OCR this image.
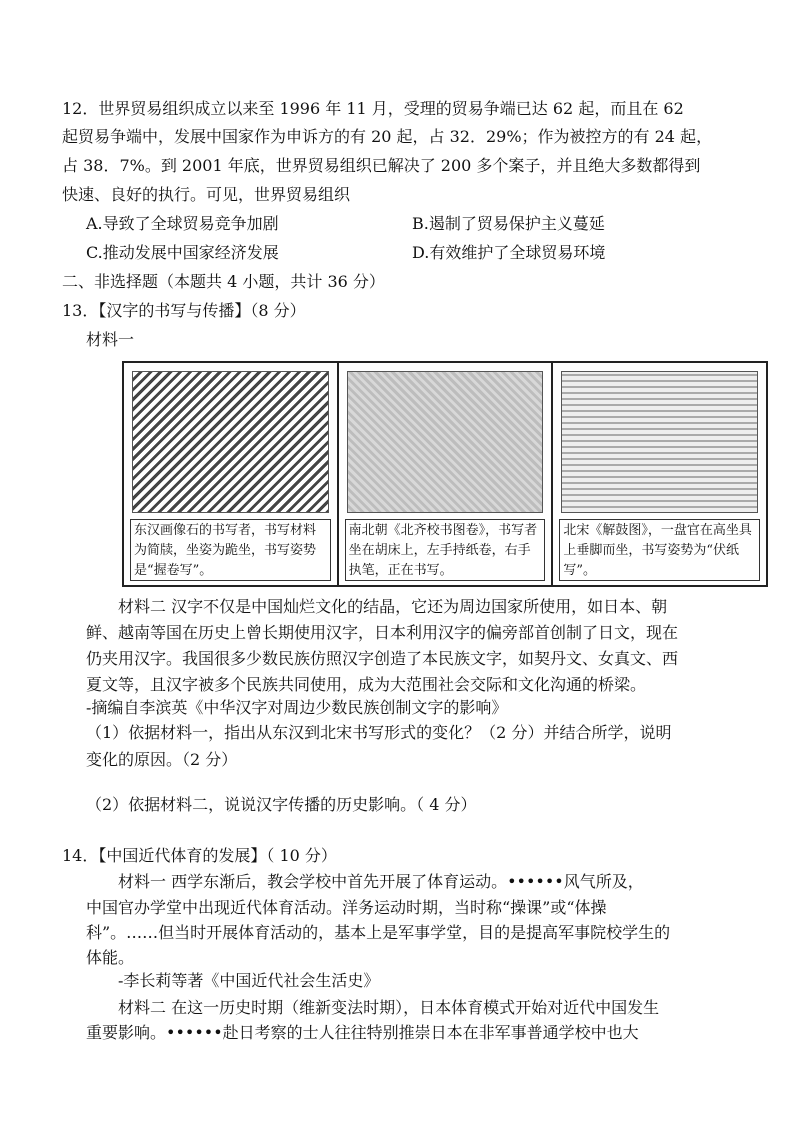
12．世界贸易组织成立以来至 1996 年 11 月，受理的贸易争端已达 62 起，而且在 62
起贸易争端中，发展中国家作为申诉方的有 20 起，占 32．29%；作为被控方的有 24 起，
占 38．7%。到 2001 年底，世界贸易组织已解决了 200 多个案子，并且绝大多数都得到
快速、良好的执行。可见，世界贸易组织
A.导致了全球贸易竞争加剧	B.遏制了贸易保护主义蔓延
C.推动发展中国家经济发展	D.有效维护了全球贸易环境
二、非选择题（本题共 4 小题，共计 36 分）
13．【汉字的书写与传播】（8 分）
材料一
东汉画像石的书写者，书写材料为简牍，坐姿为跪坐，书写姿势是“握卷写”。
南北朝《北齐校书图卷》，书写者坐在胡床上，左手持纸卷，右手执笔，正在书写。
北宋《解鼓图》，一盘官在高坐具上垂脚而坐，书写姿势为“伏纸写”。
材料二 汉字不仅是中国灿烂文化的结晶，它还为周边国家所使用，如日本、朝
鲜、越南等国在历史上曾长期使用汉字，日本利用汉字的偏旁部首创制了日文，现在
仍夹用汉字。我国很多少数民族仿照汉字创造了本民族文字，如契丹文、女真文、西
夏文等，且汉字被多个民族共同使用，成为大范围社会交际和文化沟通的桥梁。
-摘编自李滨英《中华汉字对周边少数民族创制文字的影响》
（1）依据材料一，指出从东汉到北宋书写形式的变化？（2 分）并结合所学，说明
变化的原因。（2 分）
（2）依据材料二，说说汉字传播的历史影响。（ 4 分）
14．【中国近代体育的发展】（ 10 分）
材料一 西学东渐后，教会学校中首先开展了体育运动。••••••风气所及，
中国官办学堂中出现近代体育活动。洋务运动时期，当时称“操课”或“体操
科”。……但当时开展体育活动的，基本上是军事学堂，目的是提高军事院校学生的
体能。
-李长莉等著《中国近代社会生活史》
材料二 在这一历史时期（维新变法时期），日本体育模式开始对近代中国发生
重要影响。••••••赴日考察的士人往往特别推崇日本在非军事普通学校中也大
